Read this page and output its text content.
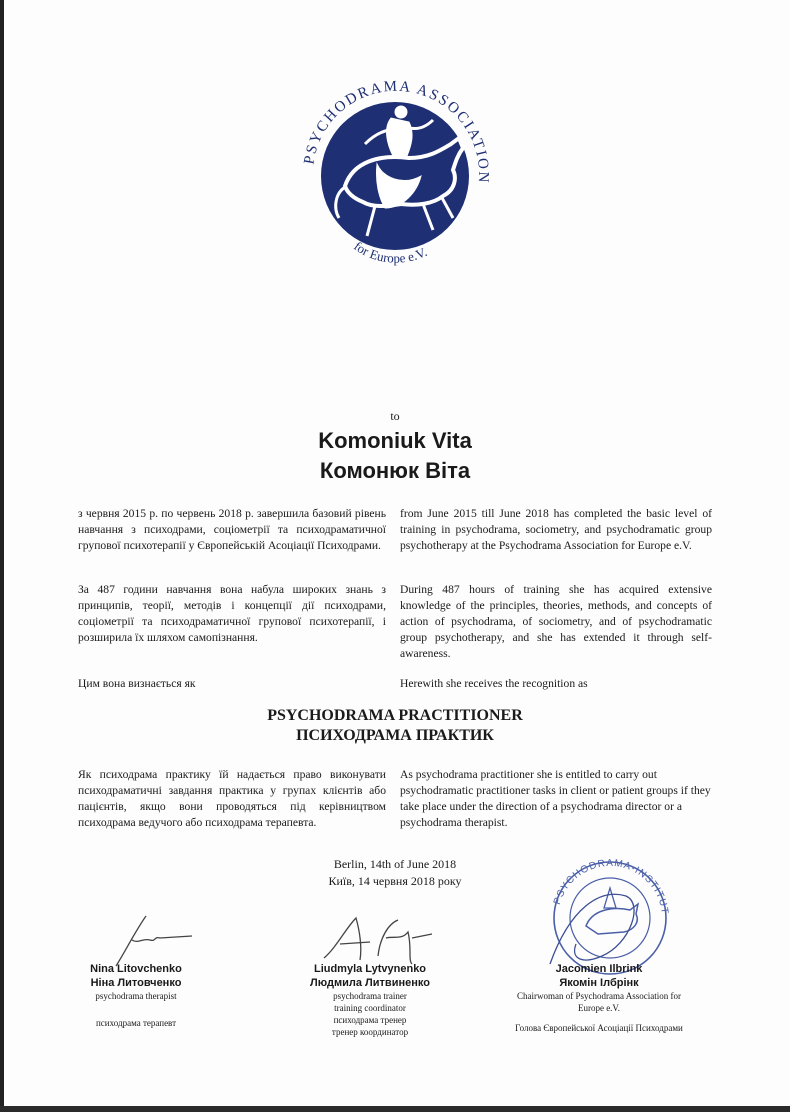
PSYCHODRAMA ASSOCIATION
for Europe e.V.
to
Komoniuk Vita
Комонюк Віта
з червня 2015 р. по червень 2018 р. завершила базовий рівень навчання з психодрами, соціометрії та психодраматичної групової психотерапії у Європейській Асоціації Психодрами.
from June 2015 till June 2018 has completed the basic level of training in psychodrama, sociometry, and psychodramatic group psychotherapy at the Psychodrama Association for Europe e.V.
За 487 години навчання вона набула широких знань з принципів, теорії, методів і концепції дії психодрами, соціометрії та психодраматичної групової психотерапії, і розширила їх шляхом самопізнання.
During 487 hours of training she has acquired extensive knowledge of the principles, theories, methods, and concepts of action of psychodrama, of sociometry, and of psychodramatic group psychotherapy, and she has extended it through self-awareness.
Цим вона визнається як	Herewith she receives the recognition as
PSYCHODRAMA PRACTITIONER
ПСИХОДРАМА ПРАКТИК
Як психодрама практику їй надається право виконувати психодраматичні завдання практика у групах клієнтів або пацієнтів, якщо вони проводяться під керівництвом психодрама ведучого або психодрама терапевта.
As psychodrama practitioner she is entitled to carry out psychodramatic practitioner tasks in client or patient groups if they take place under the direction of a psychodrama director or a psychodrama therapist.
Berlin, 14th of June 2018
Київ, 14 червня 2018 року
PSYCHODRAMA-INSTITUT
Nina Litovchenko
Ніна Литовченко
psychodrama therapist
психодрама терапевт
Liudmyla Lytvynenko
Людмила Литвиненко
psychodrama trainer
training coordinator
психодрама тренер
тренер координатор
Jacomien Ilbrink
Якомін Ілбрінк
Chairwoman of Psychodrama Association for
Europe e.V.
Голова Європейської Асоціації Психодрами
